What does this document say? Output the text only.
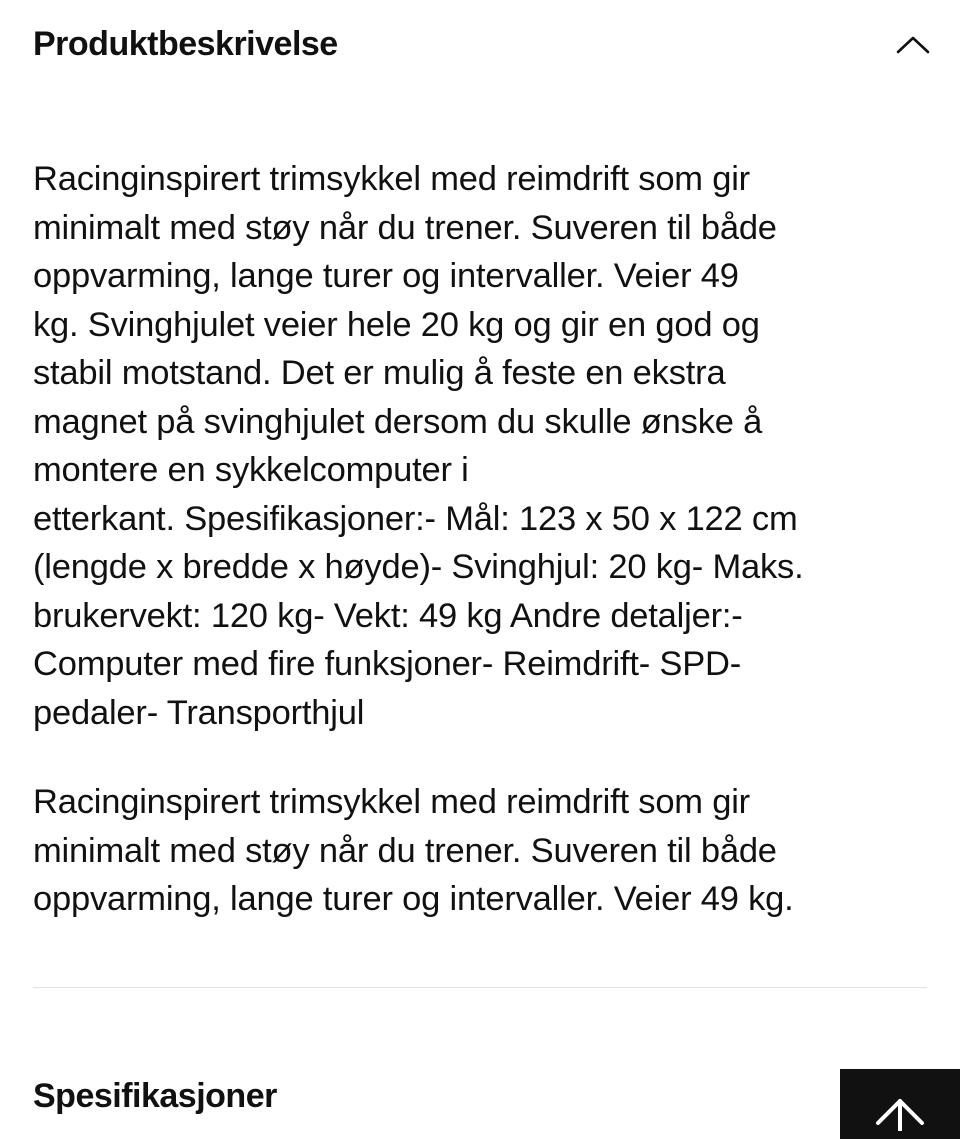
Produktbeskrivelse

Racinginspirert trimsykkel med reimdrift som gir

minimalt med støy når du trener. Suveren til både

oppvarming, lange turer og intervaller. Veier 49

kg. Svinghjulet veier hele 20 kg og gir en god og

stabil motstand. Det er mulig å feste en ekstra

magnet på svinghjulet dersom du skulle ønske å

montere en sykkelcomputer i

etterkant. Spesifikasjoner:- Mål: 123 x 50 x 122 cm

(lengde x bredde x høyde)- Svinghjul: 20 kg- Maks.

brukervekt: 120 kg- Vekt: 49 kg Andre detaljer:-

Computer med fire funksjoner- Reimdrift- SPD-

pedaler- Transporthjul

Racinginspirert trimsykkel med reimdrift som gir

minimalt med støy når du trener. Suveren til både

oppvarming, lange turer og intervaller. Veier 49 kg.

Spesifikasjoner
